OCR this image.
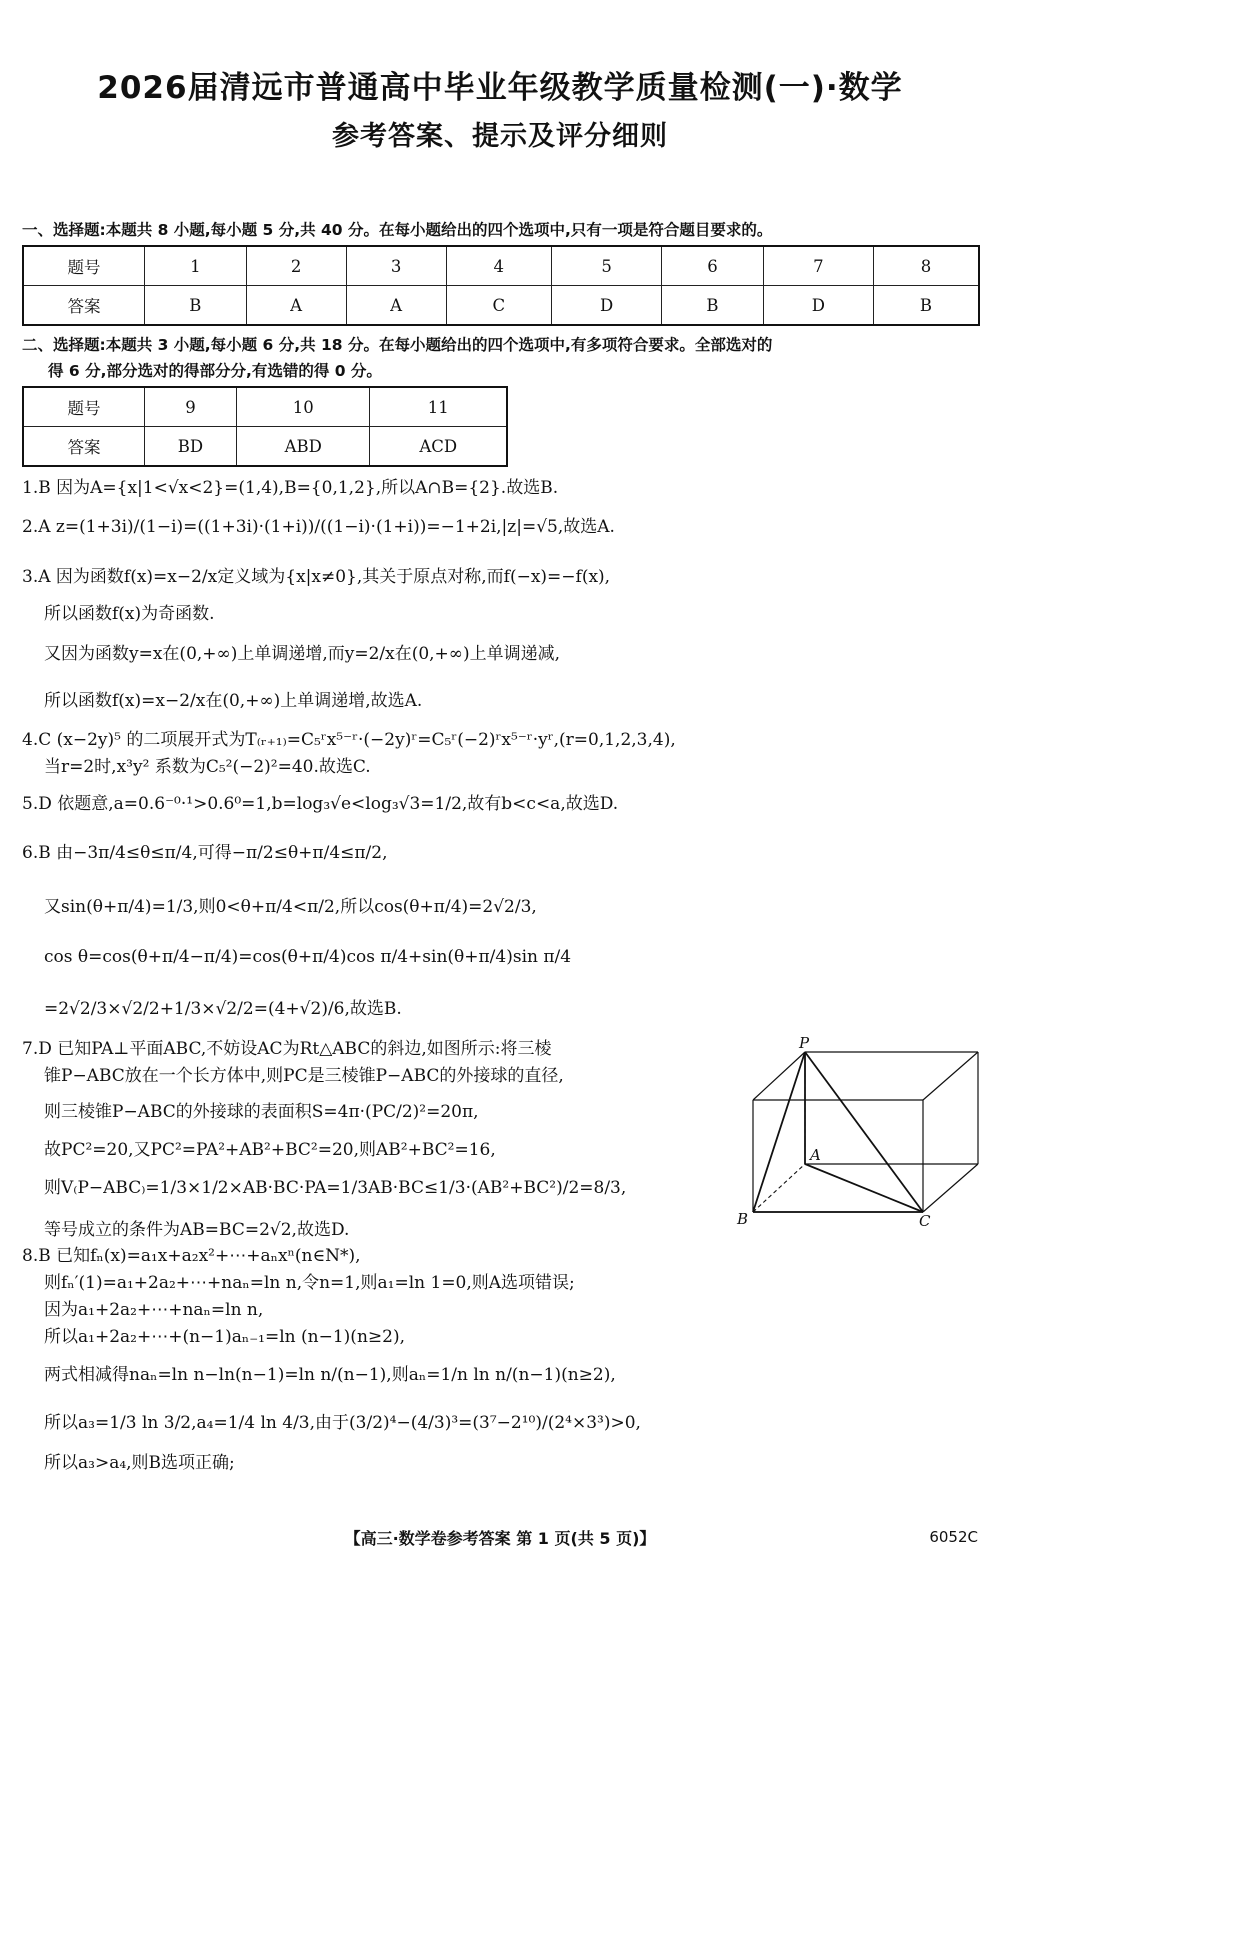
2026届清远市普通高中毕业年级教学质量检测(一)·数学
参考答案、提示及评分细则
一、选择题:本题共 8 小题,每小题 5 分,共 40 分。在每小题给出的四个选项中,只有一项是符合题目要求的。
题号	1	2	3	4	5	6	7	8
答案	B	A	A	C	D	B	D	B
二、选择题:本题共 3 小题,每小题 6 分,共 18 分。在每小题给出的四个选项中,有多项符合要求。全部选对的
得 6 分,部分选对的得部分分,有选错的得 0 分。
题号	9	10	11
答案	BD	ABD	ACD
1.B 因为A={x|1<√x<2}=(1,4),B={0,1,2},所以A∩B={2}.故选B.
2.A z=(1+3i)/(1−i)=((1+3i)·(1+i))/((1−i)·(1+i))=−1+2i,|z|=√5,故选A.
3.A 因为函数f(x)=x−2/x定义域为{x|x≠0},其关于原点对称,而f(−x)=−f(x),
所以函数f(x)为奇函数.
又因为函数y=x在(0,+∞)上单调递增,而y=2/x在(0,+∞)上单调递减,
所以函数f(x)=x−2/x在(0,+∞)上单调递增,故选A.
4.C (x−2y)⁵ 的二项展开式为T₍ᵣ₊₁₎=C₅ʳx⁵⁻ʳ·(−2y)ʳ=C₅ʳ(−2)ʳx⁵⁻ʳ·yʳ,(r=0,1,2,3,4),
当r=2时,x³y² 系数为C₅²(−2)²=40.故选C.
5.D 依题意,a=0.6⁻⁰·¹>0.6⁰=1,b=log₃√e<log₃√3=1/2,故有b<c<a,故选D.
6.B 由−3π/4≤θ≤π/4,可得−π/2≤θ+π/4≤π/2,
又sin(θ+π/4)=1/3,则0<θ+π/4<π/2,所以cos(θ+π/4)=2√2/3,
cos θ=cos(θ+π/4−π/4)=cos(θ+π/4)cos π/4+sin(θ+π/4)sin π/4
=2√2/3×√2/2+1/3×√2/2=(4+√2)/6,故选B.
7.D 已知PA⊥平面ABC,不妨设AC为Rt△ABC的斜边,如图所示:将三棱
锥P−ABC放在一个长方体中,则PC是三棱锥P−ABC的外接球的直径,
则三棱锥P−ABC的外接球的表面积S=4π·(PC/2)²=20π,
故PC²=20,又PC²=PA²+AB²+BC²=20,则AB²+BC²=16,
则V₍P−ABC₎=1/3×1/2×AB·BC·PA=1/3AB·BC≤1/3·(AB²+BC²)/2=8/3,
等号成立的条件为AB=BC=2√2,故选D.
8.B 已知fₙ(x)=a₁x+a₂x²+⋯+aₙxⁿ(n∈N*),
则fₙ′(1)=a₁+2a₂+⋯+naₙ=ln n,令n=1,则a₁=ln 1=0,则A选项错误;
因为a₁+2a₂+⋯+naₙ=ln n,
所以a₁+2a₂+⋯+(n−1)aₙ₋₁=ln (n−1)(n≥2),
两式相减得naₙ=ln n−ln(n−1)=ln n/(n−1),则aₙ=1/n ln n/(n−1)(n≥2),
所以a₃=1/3 ln 3/2,a₄=1/4 ln 4/3,由于(3/2)⁴−(4/3)³=(3⁷−2¹⁰)/(2⁴×3³)>0,
所以a₃>a₄,则B选项正确;
P
A
B	C
【高三·数学卷参考答案 第 1 页(共 5 页)】	6052C
